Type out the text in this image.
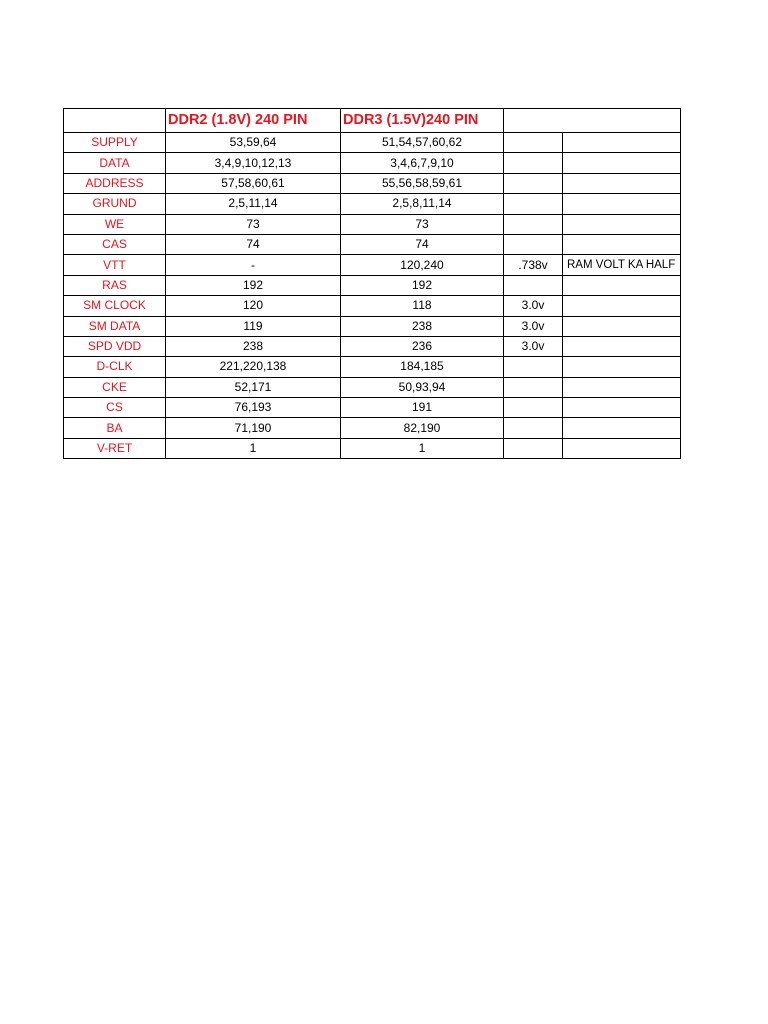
	DDR2 (1.8V) 240 PIN	DDR3 (1.5V)240 PIN		
SUPPLY	53,59,64	51,54,57,60,62		
DATA	3,4,9,10,12,13	3,4,6,7,9,10		
ADDRESS	57,58,60,61	55,56,58,59,61		
GRUND	2,5,11,14	2,5,8,11,14		
WE	73	73		
CAS	74	74		
VTT	-	120,240	.738v	RAM VOLT KA HALF
RAS	192	192		
SM CLOCK	120	118	3.0v	
SM DATA	119	238	3.0v	
SPD VDD	238	236	3.0v	
D-CLK	221,220,138	184,185		
CKE	52,171	50,93,94		
CS	76,193	191		
BA	71,190	82,190		
V-RET	1	1		
